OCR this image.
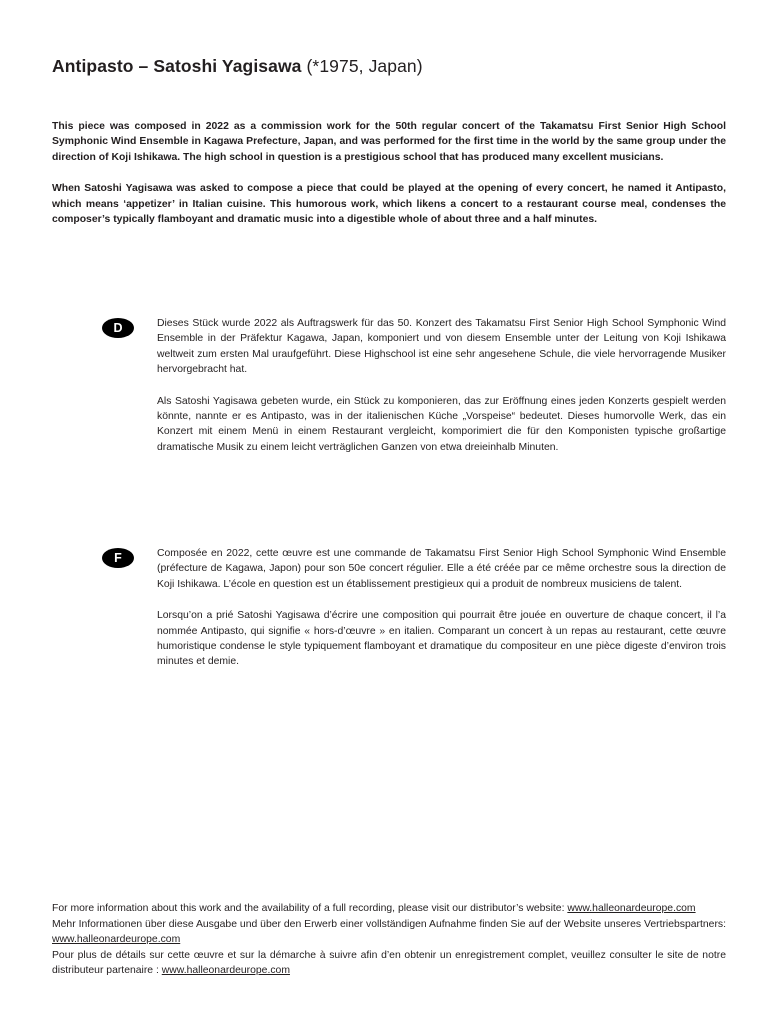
Antipasto – Satoshi Yagisawa (*1975, Japan)

This piece was composed in 2022 as a commission work for the 50th regular concert of the Takamatsu First Senior High School Symphonic Wind Ensemble in Kagawa Prefecture, Japan, and was performed for the first time in the world by the same group under the direction of Koji Ishikawa. The high school in question is a prestigious school that has produced many excellent musicians.

When Satoshi Yagisawa was asked to compose a piece that could be played at the opening of every concert, he named it Antipasto, which means ‘appetizer’ in Italian cuisine. This humorous work, which likens a concert to a restaurant course meal, condenses the composer’s typically flamboyant and dramatic music into a digestible whole of about three and a half minutes.

D	Dieses Stück wurde 2022 als Auftragswerk für das 50. Konzert des Takamatsu First Senior High School Symphonic Wind Ensemble in der Präfektur Kagawa, Japan, komponiert und von diesem Ensemble unter der Leitung von Koji Ishikawa weltweit zum ersten Mal uraufgeführt. Diese Highschool ist eine sehr angesehene Schule, die viele hervorragende Musiker hervorgebracht hat.

Als Satoshi Yagisawa gebeten wurde, ein Stück zu komponieren, das zur Eröffnung eines jeden Konzerts gespielt werden könnte, nannte er es Antipasto, was in der italienischen Küche „Vorspeise“ bedeutet. Dieses humorvolle Werk, das ein Konzert mit einem Menü in einem Restaurant vergleicht, komporimiert die für den Komponisten typische großartige dramatische Musik zu einem leicht verträglichen Ganzen von etwa dreieinhalb Minuten.

F	Composée en 2022, cette œuvre est une commande de Takamatsu First Senior High School Symphonic Wind Ensemble (préfecture de Kagawa, Japon) pour son 50e concert régulier. Elle a été créée par ce même orchestre sous la direction de Koji Ishikawa. L’école en question est un établissement prestigieux qui a produit de nombreux musiciens de talent.

Lorsqu’on a prié Satoshi Yagisawa d’écrire une composition qui pourrait être jouée en ouverture de chaque concert, il l’a nommée Antipasto, qui signifie « hors-d’œuvre » en italien. Comparant un concert à un repas au restaurant, cette œuvre humoristique condense le style typiquement flamboyant et dramatique du compositeur en une pièce digeste d’environ trois minutes et demie.

For more information about this work and the availability of a full recording, please visit our distributor’s website: www.halleonardeurope.com

Mehr Informationen über diese Ausgabe und über den Erwerb einer vollständigen Aufnahme finden Sie auf der Website unseres Vertriebspartners: www.halleonardeurope.com

Pour plus de détails sur cette œuvre et sur la démarche à suivre afin d’en obtenir un enregistrement complet, veuillez consulter le site de notre distributeur partenaire : www.halleonardeurope.com
